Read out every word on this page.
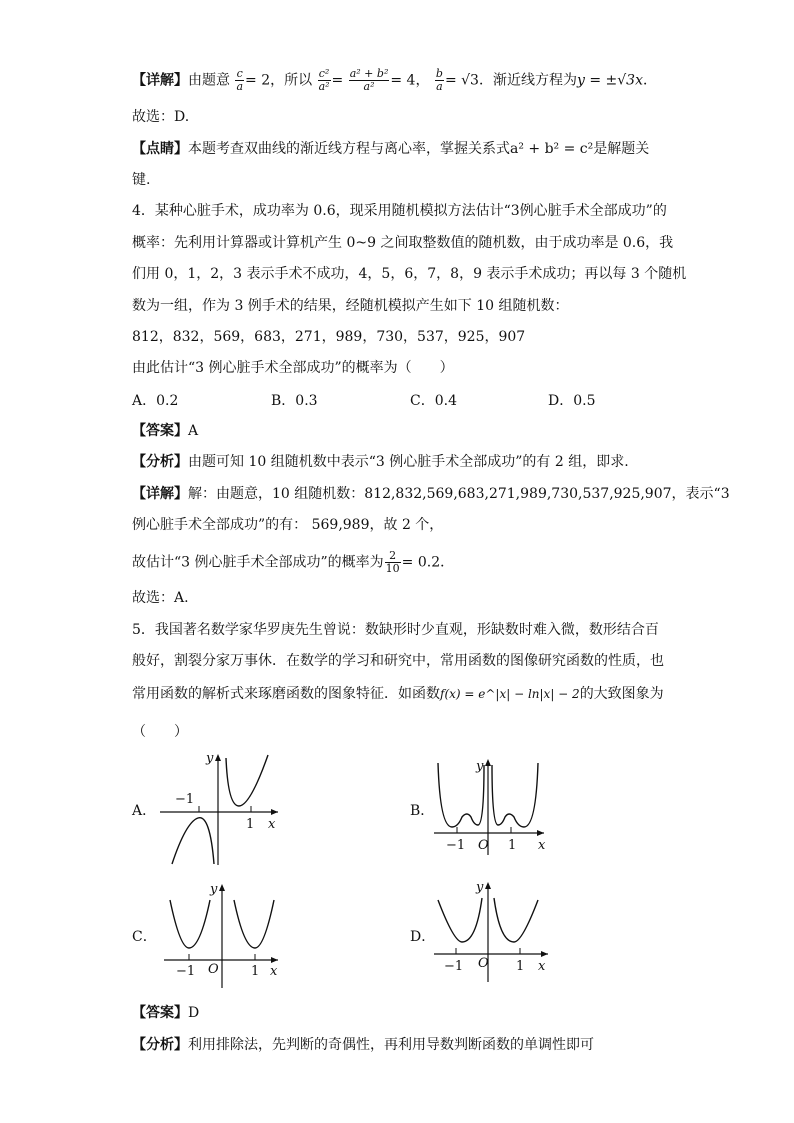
【详解】由题意 $\frac{c}{a} = 2$，所以 $\frac{\text{c²}}{\text{a²}} = \frac{\text{a² + b²}}{\text{a²}} = 4$， $\frac{b}{a} = √3$．渐近线方程为y = ±√3x．
故选：D.
【点睛】本题考查双曲线的渐近线方程与离心率，掌握关系式a² + b² = c²是解题关
键.
4．某种心脏手术，成功率为 0.6，现采用随机模拟方法估计“3例心脏手术全部成功”的
概率：先利用计算器或计算机产生 0~9 之间取整数值的随机数，由于成功率是 0.6，我
们用 0，1，2，3 表示手术不成功，4，5，6，7，8，9 表示手术成功；再以每 3 个随机
数为一组，作为 3 例手术的结果，经随机模拟产生如下 10 组随机数：
812，832，569，683，271，989，730，537，925，907
由此估计“3 例心脏手术全部成功”的概率为（　　）
A．0.2	B．0.3	C．0.4	D．0.5
【答案】A
【分析】由题可知 10 组随机数中表示“3 例心脏手术全部成功”的有 2 组，即求.
【详解】解：由题意，10 组随机数：812,832,569,683,271,989,730,537,925,907，表示“3
例心脏手术全部成功”的有： 569,989，故 2 个，
故估计“3 例心脏手术全部成功”的概率为 $\frac{2}{10} = 0.2$．
故选：A.
5．我国著名数学家华罗庚先生曾说：数缺形时少直观，形缺数时难入微，数形结合百
般好，割裂分家万事休．在数学的学习和研究中，常用函数的图像研究函数的性质，也
常用函数的解析式来琢磨函数的图象特征．如函数f(x) = e^|x| − ln|x| − 2的大致图象为
（　　）
A．	B．
C．	D．
y
x
−1
1
y
x
O
−1	1
y
x
O
−1	1
y
x
O
−1	1
【答案】D
【分析】利用排除法，先判断的奇偶性，再利用导数判断函数的单调性即可
